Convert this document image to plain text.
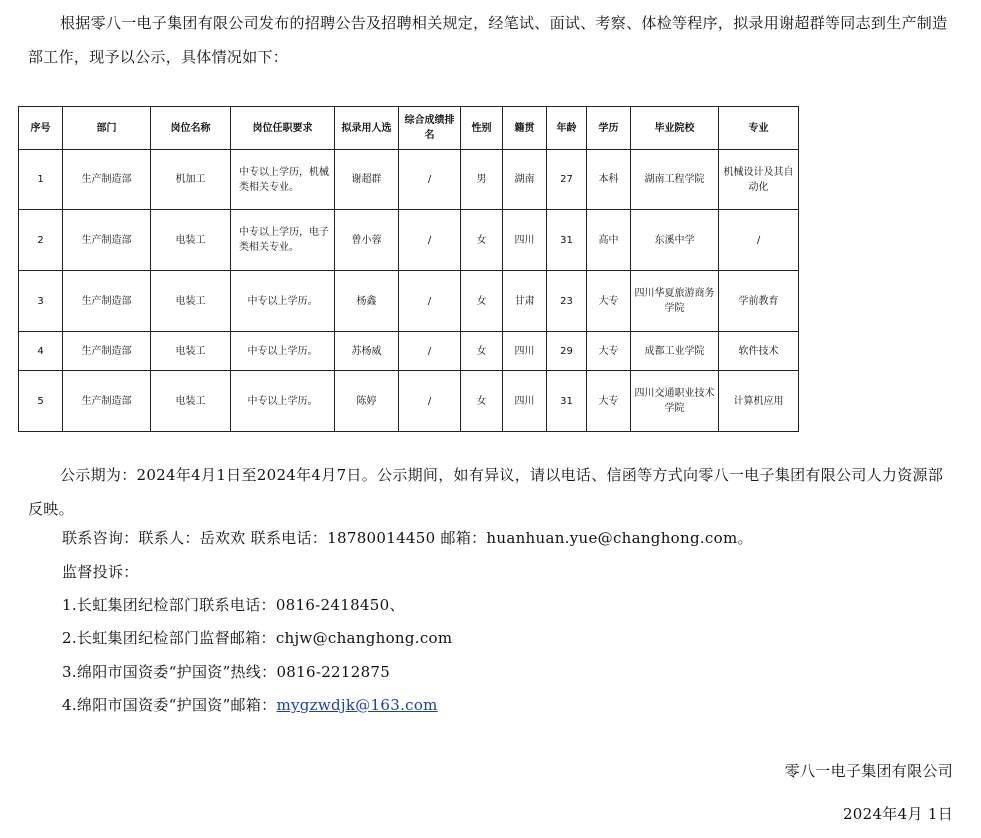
根据零八一电子集团有限公司发布的招聘公告及招聘相关规定，经笔试、面试、考察、体检等程序，拟录用谢超群等同志到生产制造部工作，现予以公示，具体情况如下：

序号	部门	岗位名称	岗位任职要求	拟录用人选	综合成绩排名	性别	籍贯	年龄	学历	毕业院校	专业
1	生产制造部	机加工	中专以上学历，机械类相关专业。	谢超群	/	男	湖南	27	本科	湖南工程学院	机械设计及其自动化
2	生产制造部	电装工	中专以上学历，电子类相关专业。	曾小蓉	/	女	四川	31	高中	东溪中学	/
3	生产制造部	电装工	中专以上学历。	杨鑫	/	女	甘肃	23	大专	四川华夏旅游商务学院	学前教育
4	生产制造部	电装工	中专以上学历。	苏杨威	/	女	四川	29	大专	成都工业学院	软件技术
5	生产制造部	电装工	中专以上学历。	陈婷	/	女	四川	31	大专	四川交通职业技术学院	计算机应用

公示期为：2024年4月1日至2024年4月7日。公示期间，如有异议，请以电话、信函等方式向零八一电子集团有限公司人力资源部反映。

联系咨询：联系人：岳欢欢 联系电话：18780014450 邮箱：huanhuan.yue@changhong.com。

监督投诉：

1.长虹集团纪检部门联系电话：0816-2418450、

2.长虹集团纪检部门监督邮箱：chjw@changhong.com

3.绵阳市国资委“护国资”热线：0816-2212875

4.绵阳市国资委“护国资”邮箱：mygzwdjk@163.com

零八一电子集团有限公司

2024年4月 1日
